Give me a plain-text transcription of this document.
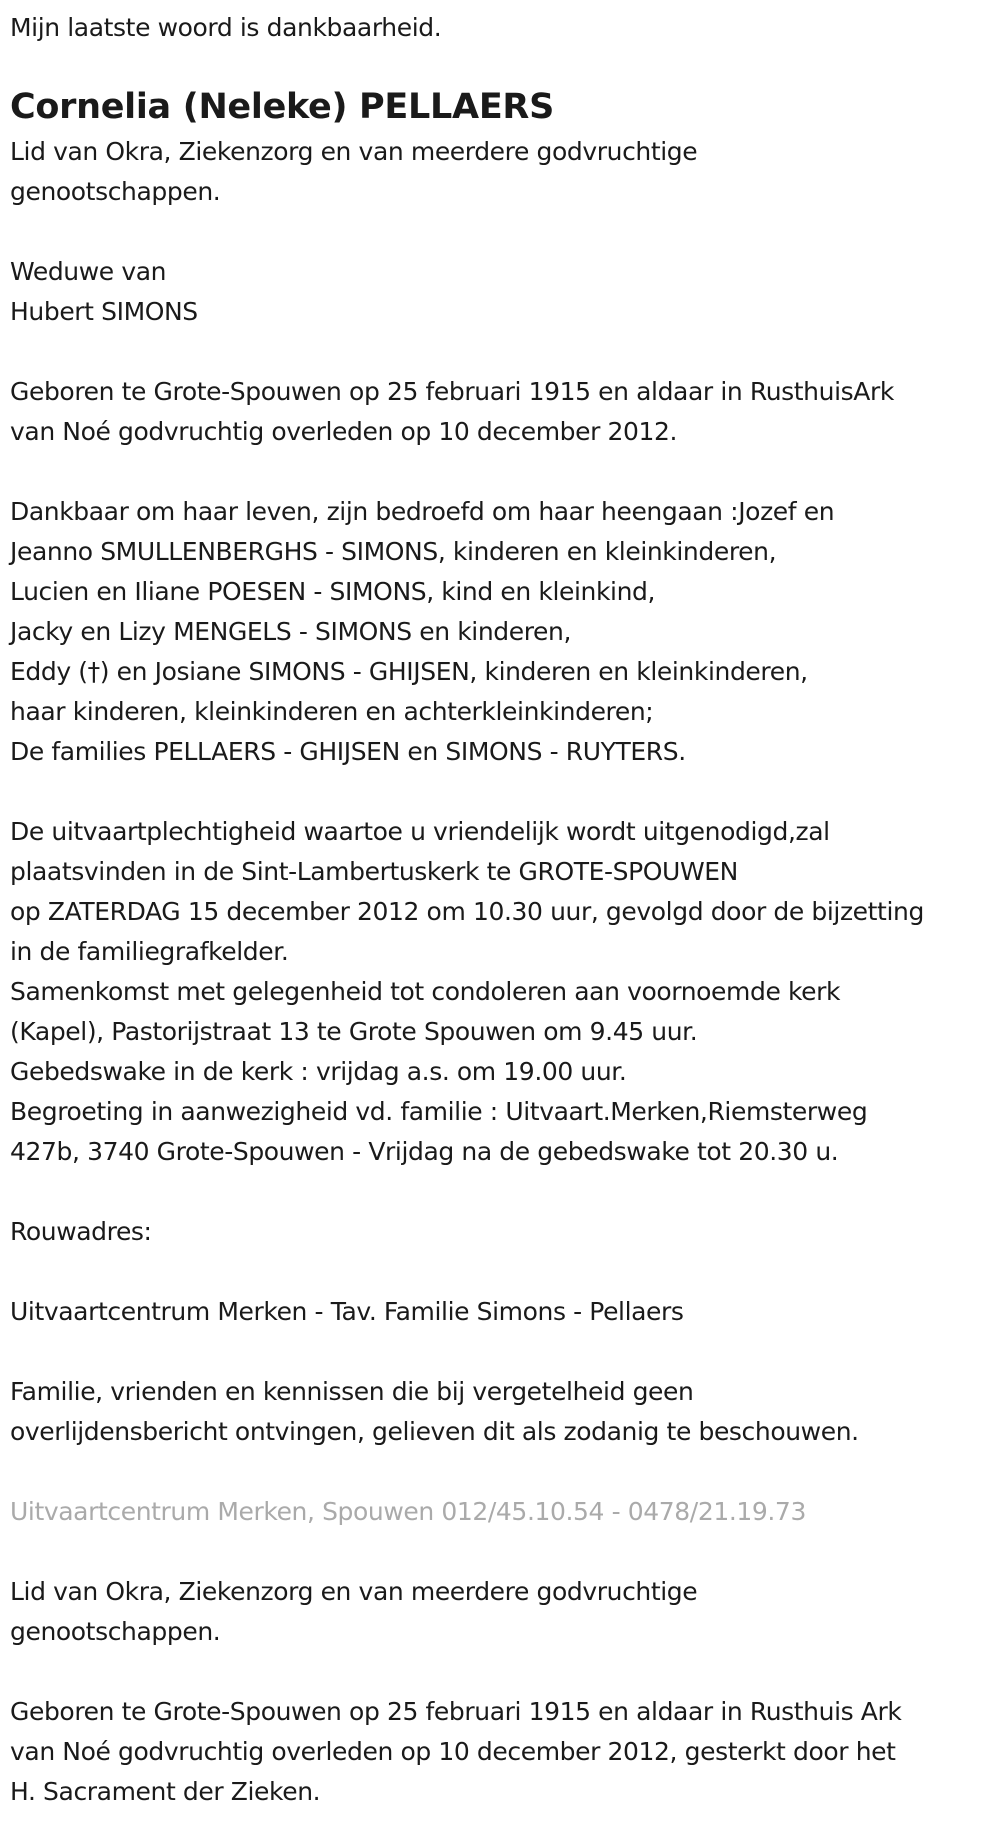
Mijn laatste woord is dankbaarheid.
Cornelia (Neleke) PELLAERS
Lid van Okra, Ziekenzorg en van meerdere godvruchtige
genootschappen.
Weduwe van
Hubert SIMONS
Geboren te Grote-Spouwen op 25 februari 1915 en aldaar in RusthuisArk
van Noé godvruchtig overleden op 10 december 2012.
Dankbaar om haar leven, zijn bedroefd om haar heengaan :Jozef en
Jeanno SMULLENBERGHS - SIMONS, kinderen en kleinkinderen,
Lucien en Iliane POESEN - SIMONS, kind en kleinkind,
Jacky en Lizy MENGELS - SIMONS en kinderen,
Eddy (†) en Josiane SIMONS - GHIJSEN, kinderen en kleinkinderen,
haar kinderen, kleinkinderen en achterkleinkinderen;
De families PELLAERS - GHIJSEN en SIMONS - RUYTERS.
De uitvaartplechtigheid waartoe u vriendelijk wordt uitgenodigd,zal
plaatsvinden in de Sint-Lambertuskerk te GROTE-SPOUWEN
op ZATERDAG 15 december 2012 om 10.30 uur, gevolgd door de bijzetting
in de familiegrafkelder.
Samenkomst met gelegenheid tot condoleren aan voornoemde kerk
(Kapel), Pastorijstraat 13 te Grote Spouwen om 9.45 uur.
Gebedswake in de kerk : vrijdag a.s. om 19.00 uur.
Begroeting in aanwezigheid vd. familie : Uitvaart.Merken,Riemsterweg
427b, 3740 Grote-Spouwen - Vrijdag na de gebedswake tot 20.30 u.
Rouwadres:
Uitvaartcentrum Merken - Tav. Familie Simons - Pellaers
Familie, vrienden en kennissen die bij vergetelheid geen
overlijdensbericht ontvingen, gelieven dit als zodanig te beschouwen.
Uitvaartcentrum Merken, Spouwen 012/45.10.54 - 0478/21.19.73
Lid van Okra, Ziekenzorg en van meerdere godvruchtige
genootschappen.
Geboren te Grote-Spouwen op 25 februari 1915 en aldaar in Rusthuis Ark
van Noé godvruchtig overleden op 10 december 2012, gesterkt door het
H. Sacrament der Zieken.
